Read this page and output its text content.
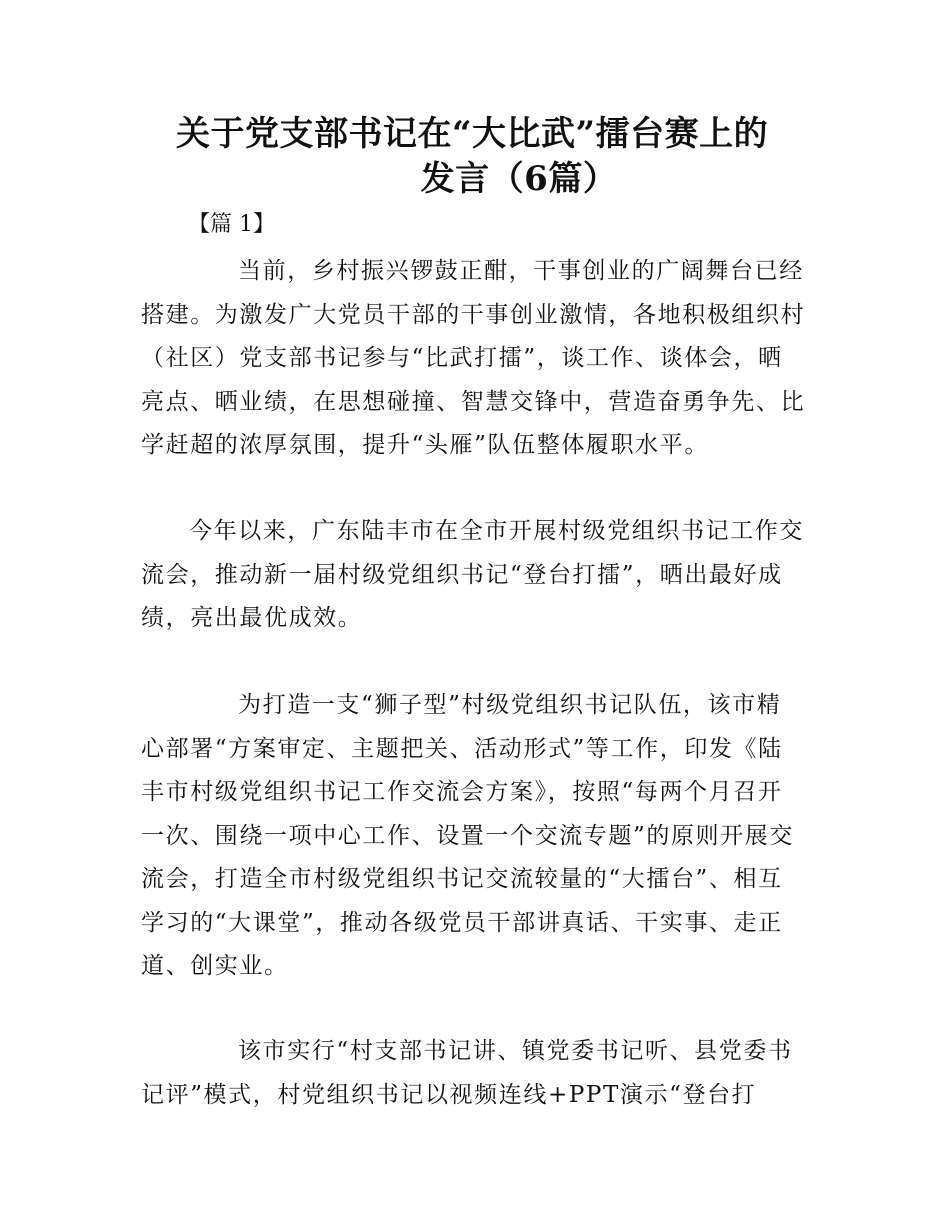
关于党支部书记在“大比武”擂台赛上的
发言（6篇）
【篇 1】
当前，乡村振兴锣鼓正酣，干事创业的广阔舞台已经
搭建。为激发广大党员干部的干事创业激情，各地积极组织村
（社区）党支部书记参与“比武打擂”，谈工作、谈体会，晒
亮点、晒业绩，在思想碰撞、智慧交锋中，营造奋勇争先、比
学赶超的浓厚氛围，提升“头雁”队伍整体履职水平。
今年以来，广东陆丰市在全市开展村级党组织书记工作交
流会，推动新一届村级党组织书记“登台打擂”，晒出最好成
绩，亮出最优成效。
为打造一支“狮子型”村级党组织书记队伍，该市精
心部署“方案审定、主题把关、活动形式”等工作，印发《陆
丰市村级党组织书记工作交流会方案》，按照“每两个月召开
一次、围绕一项中心工作、设置一个交流专题”的原则开展交
流会，打造全市村级党组织书记交流较量的“大擂台”、相互
学习的“大课堂”，推动各级党员干部讲真话、干实事、走正
道、创实业。
该市实行“村支部书记讲、镇党委书记听、县党委书
记评”模式，村党组织书记以视频连线+PPT演示“登台打
